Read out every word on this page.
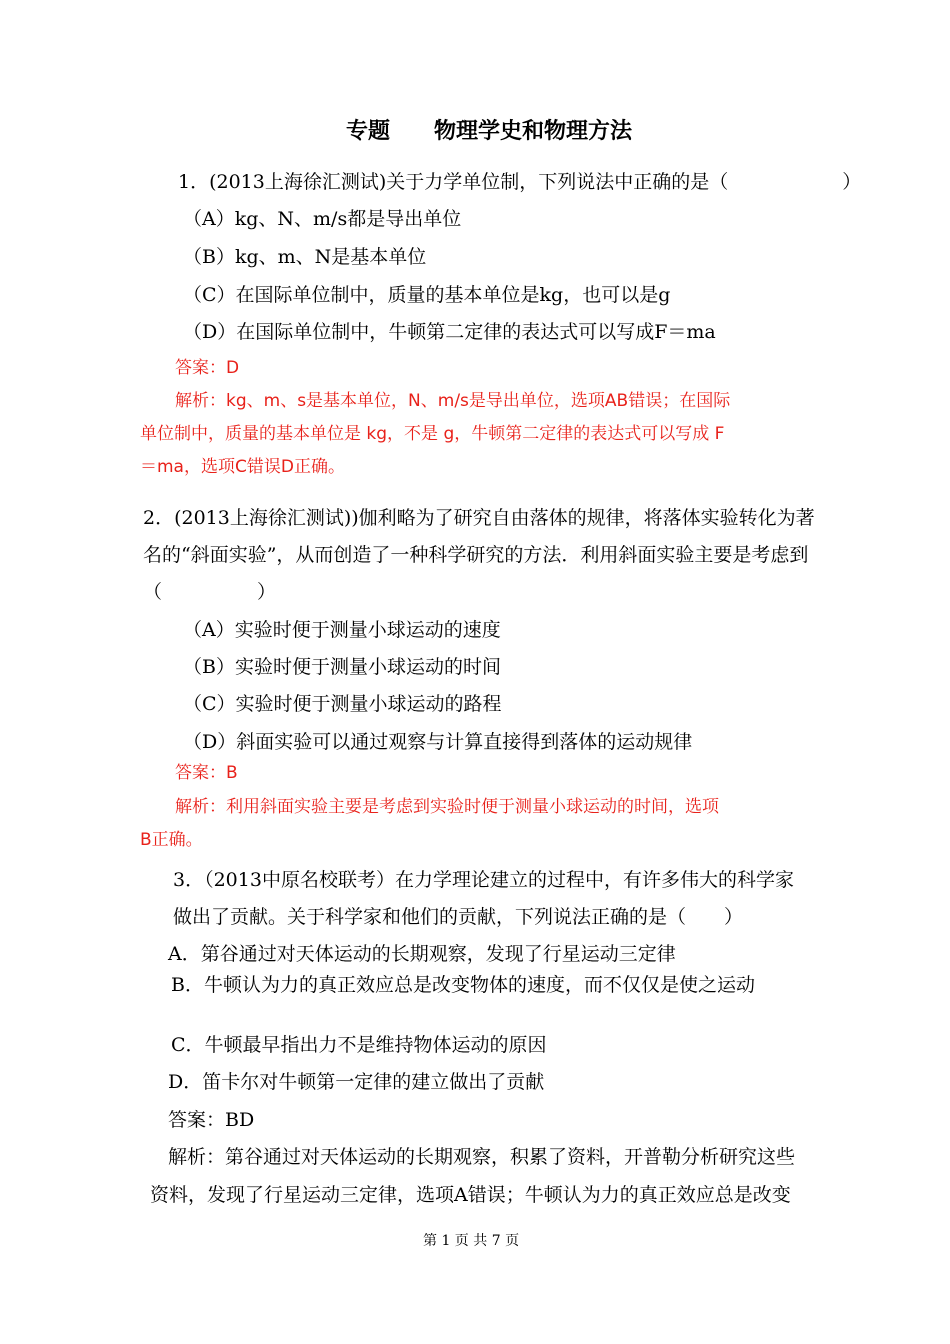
专题　　物理学史和物理方法
1．(2013上海徐汇测试)关于力学单位制，下列说法中正确的是（　　　　　　）
（A）kg、N、m/s都是导出单位
（B）kg、m、N是基本单位
（C）在国际单位制中，质量的基本单位是kg，也可以是g
（D）在国际单位制中，牛顿第二定律的表达式可以写成F＝ma
答案：D
解析：kg、m、s是基本单位，N、m/s是导出单位，选项AB错误；在国际
单位制中，质量的基本单位是 kg，不是 g，牛顿第二定律的表达式可以写成 F
＝ma，选项C错误D正确。
2．(2013上海徐汇测试))伽利略为了研究自由落体的规律，将落体实验转化为著
名的“斜面实验”，从而创造了一种科学研究的方法．利用斜面实验主要是考虑到
（　　　　　）
（A）实验时便于测量小球运动的速度
（B）实验时便于测量小球运动的时间
（C）实验时便于测量小球运动的路程
（D）斜面实验可以通过观察与计算直接得到落体的运动规律
答案：B
解析：利用斜面实验主要是考虑到实验时便于测量小球运动的时间，选项
B正确。
3．（2013中原名校联考）在力学理论建立的过程中，有许多伟大的科学家
做出了贡献。关于科学家和他们的贡献，下列说法正确的是（　　）
A．第谷通过对天体运动的长期观察，发现了行星运动三定律
B．牛顿认为力的真正效应总是改变物体的速度，而不仅仅是使之运动
C．牛顿最早指出力不是维持物体运动的原因
D．笛卡尔对牛顿第一定律的建立做出了贡献
答案：BD
解析：第谷通过对天体运动的长期观察，积累了资料，开普勒分析研究这些
资料，发现了行星运动三定律，选项A错误；牛顿认为力的真正效应总是改变
第 1 页 共 7 页
